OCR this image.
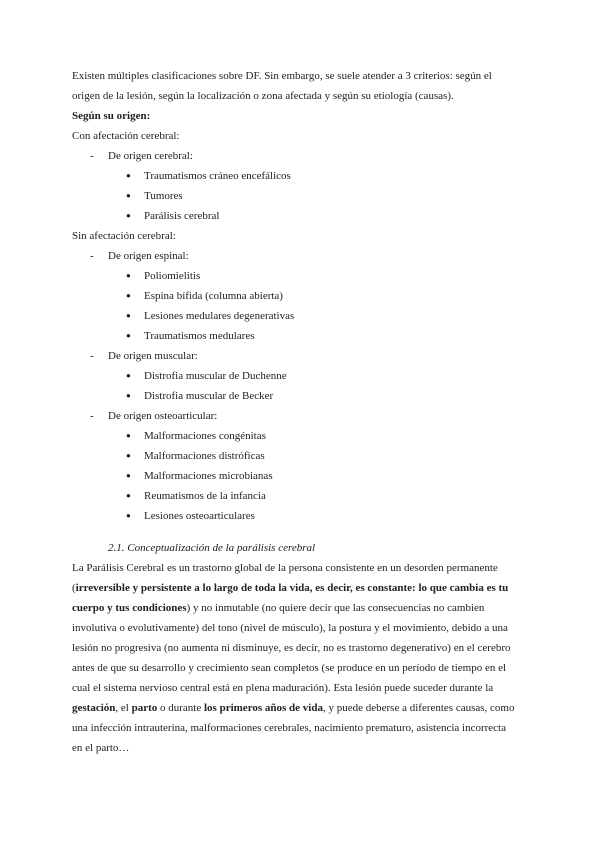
Existen múltiples clasificaciones sobre DF. Sin embargo, se suele atender a 3 criterios: según el

origen de la lesión, según la localización o zona afectada y según su etiología (causas).

Según su origen:

Con afectación cerebral:

-	De origen cerebral:
●	Traumatismos cráneo encefálicos
●	Tumores
●	Parálisis cerebral

Sin afectación cerebral:

-	De origen espinal:
●	Poliomielitis
●	Espina bífida (columna abierta)
●	Lesiones medulares degenerativas
●	Traumatismos medulares
-	De origen muscular:
●	Distrofia muscular de Duchenne
●	Distrofia muscular de Becker
-	De origen osteoarticular:
●	Malformaciones congénitas
●	Malformaciones distróficas
●	Malformaciones microbianas
●	Reumatismos de la infancia
●	Lesiones osteoarticulares
2.1. Conceptualización de la parálisis cerebral

La Parálisis Cerebral es un trastorno global de la persona consistente en un desorden permanente

(irreversible y persistente a lo largo de toda la vida, es decir, es constante: lo que cambia es tu

cuerpo y tus condiciones) y no inmutable (no quiere decir que las consecuencias no cambien

involutiva o evolutivamente) del tono (nivel de músculo), la postura y el movimiento, debido a una

lesión no progresiva (no aumenta ni disminuye, es decir, no es trastorno degenerativo) en el cerebro

antes de que su desarrollo y crecimiento sean completos (se produce en un período de tiempo en el

cual el sistema nervioso central está en plena maduración). Esta lesión puede suceder durante la

gestación, el parto o durante los primeros años de vida, y puede deberse a diferentes causas, como

una infección intrauterina, malformaciones cerebrales, nacimiento prematuro, asistencia incorrecta

en el parto…
